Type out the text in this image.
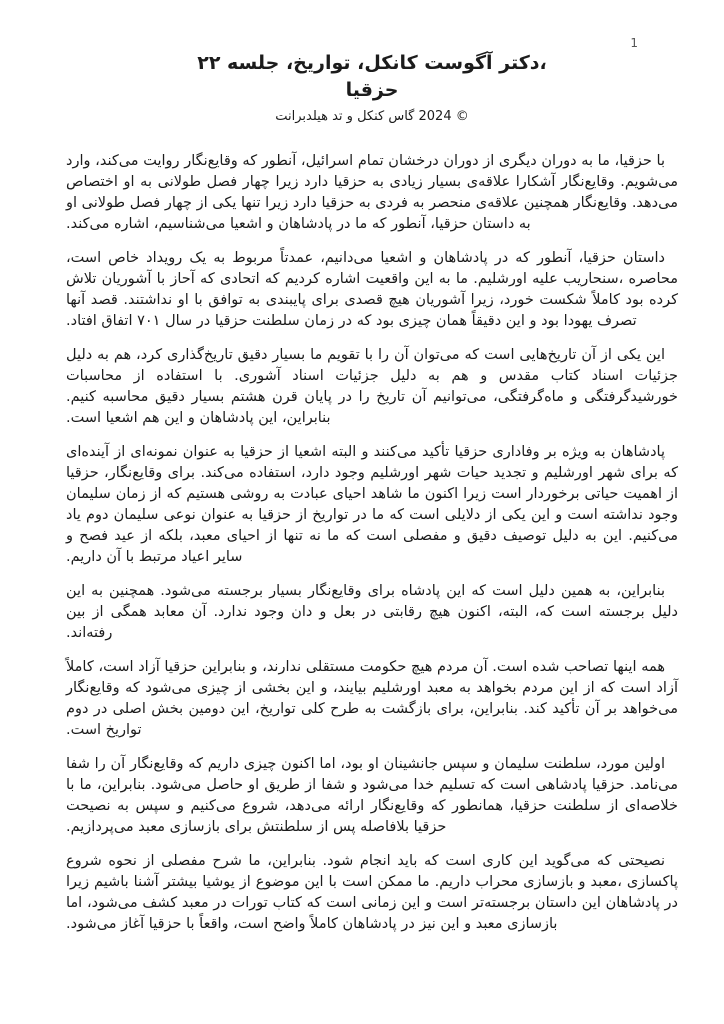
1
،دکتر آگوست کانکل، تواریخ، جلسه ۲۲
حزقیا
© 2024 گاس کنکل و تد هیلدبرانت

با حزقیا، ما به دوران دیگری از دوران درخشان تمام اسرائیل، آنطور که وقایع‌نگار روایت می‌کند، وارد می‌شویم. وقایع‌نگار آشکارا علاقه‌ی بسیار زیادی به حزقیا دارد زیرا چهار فصل طولانی به او اختصاص می‌دهد. وقایع‌نگار همچنین علاقه‌ی منحصر به فردی به حزقیا دارد زیرا تنها یکی از چهار فصل طولانی او به داستان حزقیا، آنطور که ما در پادشاهان و اشعیا می‌شناسیم، اشاره می‌کند.

داستان حزقیا، آنطور که در پادشاهان و اشعیا می‌دانیم، عمدتاً مربوط به یک رویداد خاص است، محاصره ،سنحاریب علیه اورشلیم. ما به این واقعیت اشاره کردیم که اتحادی که آحاز با آشوریان تلاش کرده بود کاملاً شکست خورد، زیرا آشوریان هیچ قصدی برای پایبندی به توافق با او نداشتند. قصد آنها تصرف یهودا بود و این دقیقاً همان چیزی بود که در زمان سلطنت حزقیا در سال ۷۰۱ اتفاق افتاد.

این یکی از آن تاریخ‌هایی است که می‌توان آن را با تقویم ما بسیار دقیق تاریخ‌گذاری کرد، هم به دلیل جزئیات اسناد کتاب مقدس و هم به دلیل جزئیات اسناد آشوری. با استفاده از محاسبات خورشیدگرفتگی و ماه‌گرفتگی، می‌توانیم آن تاریخ را در پایان قرن هشتم بسیار دقیق محاسبه کنیم. بنابراین، این پادشاهان و این هم اشعیا است.

پادشاهان به ویژه بر وفاداری حزقیا تأکید می‌کنند و البته اشعیا از حزقیا به عنوان نمونه‌ای از آینده‌ای که برای شهر اورشلیم و تجدید حیات شهر اورشلیم وجود دارد، استفاده می‌کند. برای وقایع‌نگار، حزقیا از اهمیت حیاتی برخوردار است زیرا اکنون ما شاهد احیای عبادت به روشی هستیم که از زمان سلیمان وجود نداشته است و این یکی از دلایلی است که ما در تواریخ از حزقیا به عنوان نوعی سلیمان دوم یاد می‌کنیم. این به دلیل توصیف دقیق و مفصلی است که ما نه تنها از احیای معبد، بلکه از عید فصح و سایر اعیاد مرتبط با آن داریم.

بنابراین، به همین دلیل است که این پادشاه برای وقایع‌نگار بسیار برجسته می‌شود. همچنین به این دلیل برجسته است که، البته، اکنون هیچ رقابتی در بعل و دان وجود ندارد. آن معابد همگی از بین رفته‌اند.

همه اینها تصاحب شده است. آن مردم هیچ حکومت مستقلی ندارند، و بنابراین حزقیا آزاد است، کاملاً آزاد است که از این مردم بخواهد به معبد اورشلیم بیایند، و این بخشی از چیزی می‌شود که وقایع‌نگار می‌خواهد بر آن تأکید کند. بنابراین، برای بازگشت به طرح کلی تواریخ، این دومین بخش اصلی در دوم تواریخ است.

اولین مورد، سلطنت سلیمان و سپس جانشینان او بود، اما اکنون چیزی داریم که وقایع‌نگار آن را شفا می‌نامد. حزقیا پادشاهی است که تسلیم خدا می‌شود و شفا از طریق او حاصل می‌شود. بنابراین، ما با خلاصه‌ای از سلطنت حزقیا، همانطور که وقایع‌نگار ارائه می‌دهد، شروع می‌کنیم و سپس به نصیحت حزقیا بلافاصله پس از سلطنتش برای بازسازی معبد می‌پردازیم.

نصیحتی که می‌گوید این کاری است که باید انجام شود. بنابراین، ما شرح مفصلی از نحوه شروع پاکسازی ،معبد و بازسازی محراب داریم. ما ممکن است با این موضوع از یوشیا بیشتر آشنا باشیم زیرا در پادشاهان این داستان برجسته‌تر است و این زمانی است که کتاب تورات در معبد کشف می‌شود، اما بازسازی معبد و این نیز در پادشاهان کاملاً واضح است، واقعاً با حزقیا آغاز می‌شود.
